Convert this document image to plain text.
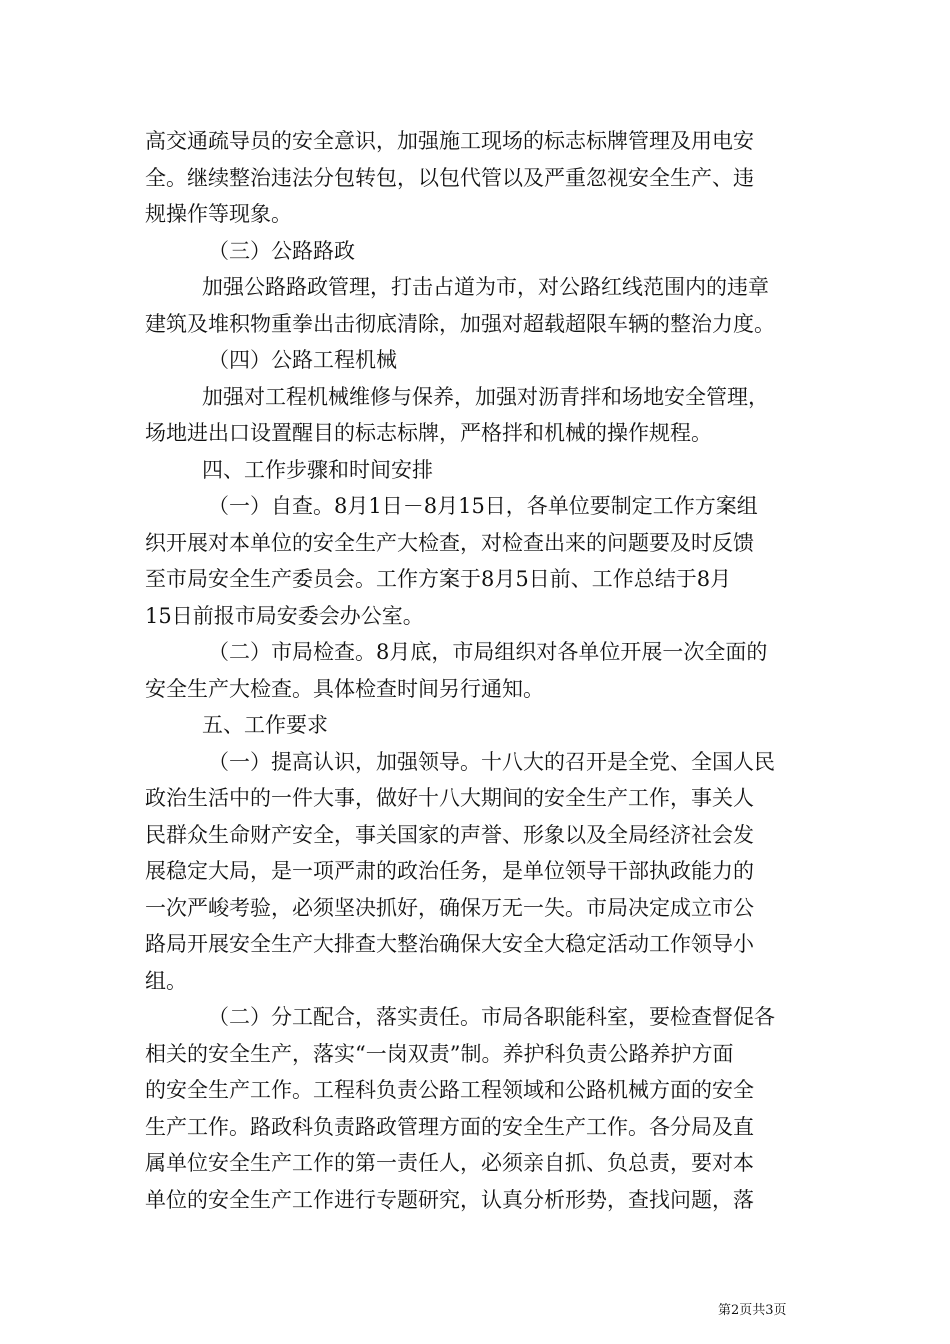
高交通疏导员的安全意识，加强施工现场的标志标牌管理及用电安
全。继续整治违法分包转包，以包代管以及严重忽视安全生产、违
规操作等现象。
（三）公路路政
加强公路路政管理，打击占道为市，对公路红线范围内的违章
建筑及堆积物重拳出击彻底清除，加强对超载超限车辆的整治力度。
（四）公路工程机械
加强对工程机械维修与保养，加强对沥青拌和场地安全管理，
场地进出口设置醒目的标志标牌，严格拌和机械的操作规程。
四、工作步骤和时间安排
（一）自查。8月1日－8月15日，各单位要制定工作方案组
织开展对本单位的安全生产大检查，对检查出来的问题要及时反馈
至市局安全生产委员会。工作方案于8月5日前、工作总结于8月
15日前报市局安委会办公室。
（二）市局检查。8月底，市局组织对各单位开展一次全面的
安全生产大检查。具体检查时间另行通知。
五、工作要求
（一）提高认识，加强领导。十八大的召开是全党、全国人民
政治生活中的一件大事，做好十八大期间的安全生产工作，事关人
民群众生命财产安全，事关国家的声誉、形象以及全局经济社会发
展稳定大局，是一项严肃的政治任务，是单位领导干部执政能力的
一次严峻考验，必须坚决抓好，确保万无一失。市局决定成立市公
路局开展安全生产大排查大整治确保大安全大稳定活动工作领导小
组。
（二）分工配合，落实责任。市局各职能科室，要检查督促各
相关的安全生产，落实“一岗双责”制。养护科负责公路养护方面
的安全生产工作。工程科负责公路工程领域和公路机械方面的安全
生产工作。路政科负责路政管理方面的安全生产工作。各分局及直
属单位安全生产工作的第一责任人，必须亲自抓、负总责，要对本
单位的安全生产工作进行专题研究，认真分析形势，查找问题，落
第2页共3页
